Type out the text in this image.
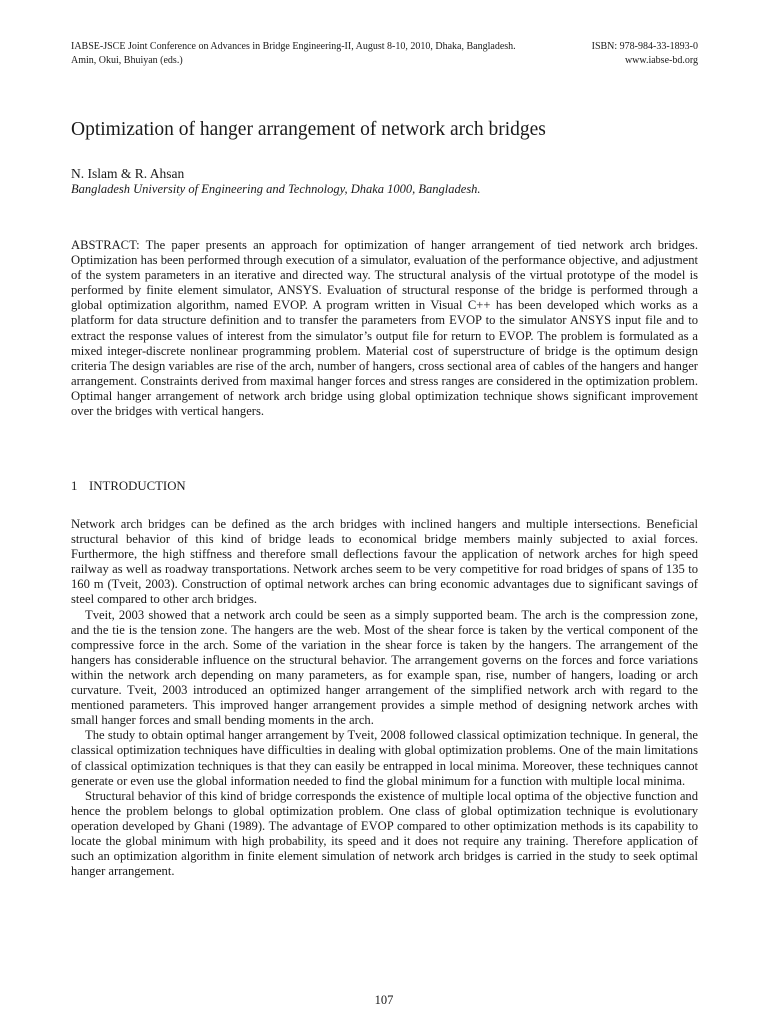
IABSE-JSCE Joint Conference on Advances in Bridge Engineering-II, August 8-10, 2010, Dhaka, Bangladesh.	ISBN: 978-984-33-1893-0
Amin, Okui, Bhuiyan (eds.)	www.iabse-bd.org
Optimization of hanger arrangement of network arch bridges
N. Islam & R. Ahsan
Bangladesh University of Engineering and Technology, Dhaka 1000, Bangladesh.
ABSTRACT: The paper presents an approach for optimization of hanger arrangement of tied network arch bridges. Optimization has been performed through execution of a simulator, evaluation of the performance objective, and adjustment of the system parameters in an iterative and directed way. The structural analysis of the virtual prototype of the model is performed by finite element simulator, ANSYS. Evaluation of structural response of the bridge is performed through a global optimization algorithm, named EVOP. A program written in Visual C++ has been developed which works as a platform for data structure definition and to transfer the parameters from EVOP to the simulator ANSYS input file and to extract the response values of interest from the simulator’s output file for return to EVOP. The problem is formulated as a mixed integer-discrete nonlinear programming problem. Material cost of superstructure of bridge is the optimum design criteria The design variables are rise of the arch, number of hangers, cross sectional area of cables of the hangers and hanger arrangement. Constraints derived from maximal hanger forces and stress ranges are considered in the optimization problem. Optimal hanger arrangement of network arch bridge using global optimization technique shows significant improvement over the bridges with vertical hangers.
1 INTRODUCTION

Network arch bridges can be defined as the arch bridges with inclined hangers and multiple intersections. Beneficial structural behavior of this kind of bridge leads to economical bridge members mainly subjected to axial forces. Furthermore, the high stiffness and therefore small deflections favour the application of network arches for high speed railway as well as roadway transportations. Network arches seem to be very competitive for road bridges of spans of 135 to 160 m (Tveit, 2003). Construction of optimal network arches can bring economic advantages due to significant savings of steel compared to other arch bridges.

Tveit, 2003 showed that a network arch could be seen as a simply supported beam. The arch is the compression zone, and the tie is the tension zone. The hangers are the web. Most of the shear force is taken by the vertical component of the compressive force in the arch. Some of the variation in the shear force is taken by the hangers. The arrangement of the hangers has considerable influence on the structural behavior. The arrangement governs on the forces and force variations within the network arch depending on many parameters, as for example span, rise, number of hangers, loading or arch curvature. Tveit, 2003 introduced an optimized hanger arrangement of the simplified network arch with regard to the mentioned parameters. This improved hanger arrangement provides a simple method of designing network arches with small hanger forces and small bending moments in the arch.

The study to obtain optimal hanger arrangement by Tveit, 2008 followed classical optimization technique. In general, the classical optimization techniques have difficulties in dealing with global optimization problems. One of the main limitations of classical optimization techniques is that they can easily be entrapped in local minima. Moreover, these techniques cannot generate or even use the global information needed to find the global minimum for a function with multiple local minima.

Structural behavior of this kind of bridge corresponds the existence of multiple local optima of the objective function and hence the problem belongs to global optimization problem. One class of global optimization technique is evolutionary operation developed by Ghani (1989). The advantage of EVOP compared to other optimization methods is its capability to locate the global minimum with high probability, its speed and it does not require any training. Therefore application of such an optimization algorithm in finite element simulation of network arch bridges is carried in the study to seek optimal hanger arrangement.

107
